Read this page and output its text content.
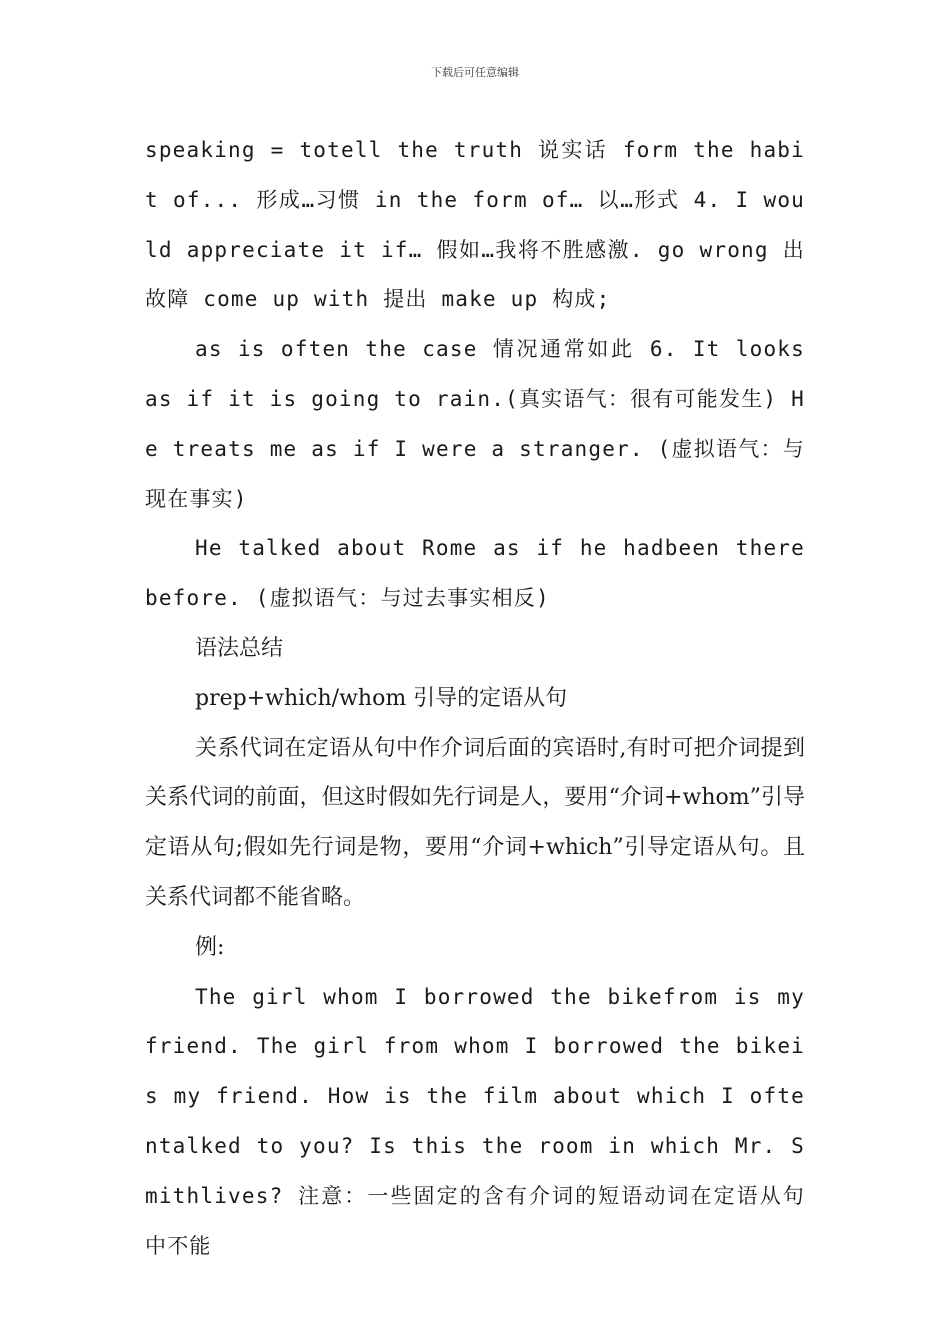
下载后可任意编辑

speaking = totell the truth 说实话 form the habit of... 形成…习惯 in the form of… 以…形式 4. I would appreciate it if… 假如…我将不胜感激. go wrong 出故障 come up with 提出 make up 构成;

as is often the case 情况通常如此 6. It looks as if it is going to rain.(真实语气：很有可能发生) He treats me as if I were a stranger. (虚拟语气：与现在事实)

He talked about Rome as if he hadbeen there before. (虚拟语气：与过去事实相反)

语法总结

prep+which/whom 引导的定语从句

关系代词在定语从句中作介词后面的宾语时,有时可把介词提到关系代词的前面，但这时假如先行词是人，要用“介词+whom”引导定语从句;假如先行词是物，要用“介词+which”引导定语从句。且关系代词都不能省略。

例:

The girl whom I borrowed the bikefrom is my friend. The girl from whom I borrowed the bikeis my friend. How is the film about which I oftentalked to you? Is this the room in which Mr. Smithlives? 注意：一些固定的含有介词的短语动词在定语从句中不能
